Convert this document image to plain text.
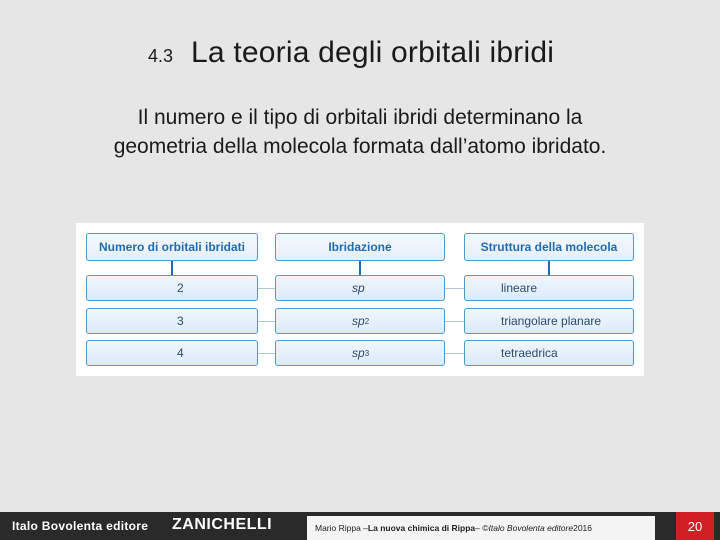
4.3 La teoria degli orbitali ibridi
Il numero e il tipo di orbitali ibridi determinano la geometria della molecola formata dall’atomo ibridato.
Numero di orbitali ibridati	Ibridazione	Struttura della molecola
2	sp	lineare
3	sp 2	triangolare planare
4	sp 3	tetraedrica
Italo Bovolenta editore ZANICHELLI	Mario Rippa – La nuova chimica di Rippa – © Italo Bovolenta editore 2016	20
